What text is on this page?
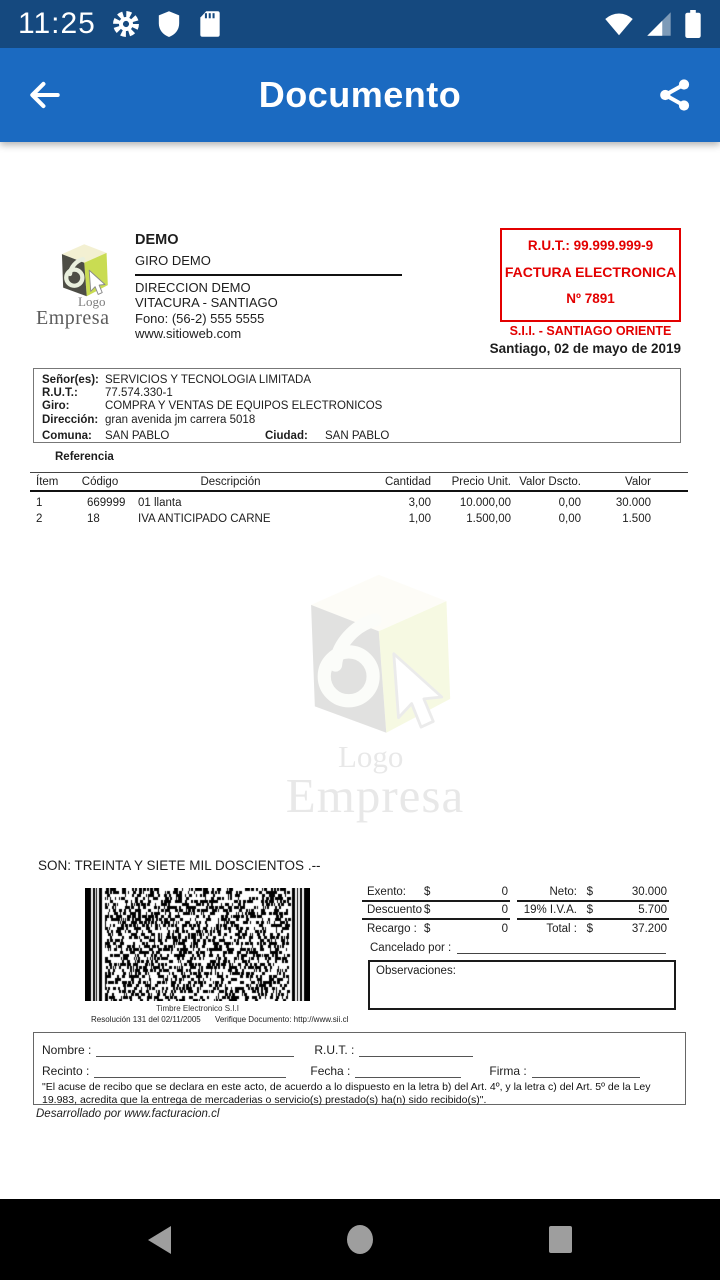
11:25
Documento
Logo
Empresa
DEMO
GIRO DEMO
DIRECCION DEMO
VITACURA - SANTIAGO
Fono: (56-2) 555 5555
www.sitioweb.com
R.U.T.: 99.999.999-9
FACTURA ELECTRONICA
Nº 7891
S.I.I. - SANTIAGO ORIENTE
Santiago, 02 de mayo de 2019
Señor(es): SERVICIOS Y TECNOLOGIA LIMITADA
R.U.T.:	77.574.330-1
Giro:	COMPRA Y VENTAS DE EQUIPOS ELECTRONICOS
Dirección: gran avenida jm carrera 5018
Comuna:	SAN PABLO	Ciudad:	SAN PABLO
Referencia
Ítem	Código	Descripción	Cantidad	Precio Unit. Valor Dscto.	Valor
1	669999	01 llanta	3,00	10.000,00	0,00	30.000
2	18	IVA ANTICIPADO CARNE	1,00	1.500,00	0,00	1.500
Logo
Empresa
SON: TREINTA Y SIETE MIL DOSCIENTOS .--
Timbre Electronico S.I.I
Resolución 131 del 02/11/2005 Verifique Documento: http://www.sii.cl
Exento:	$	0
Descuento $	0
Recargo : $	0
Neto: $	30.000
19% I.V.A. $	5.700
Total : $	37.200
Cancelado por :
Observaciones:
Nombre :	R.U.T. :
Recinto :	Fecha :	Firma :
"El acuse de recibo que se declara en este acto, de acuerdo a lo dispuesto en la letra b) del Art. 4º, y la letra c) del Art. 5º de la Ley 19.983, acredita que la entrega de mercaderias o servicio(s) prestado(s) ha(n) sido recibido(s)".
Desarrollado por www.facturacion.cl
